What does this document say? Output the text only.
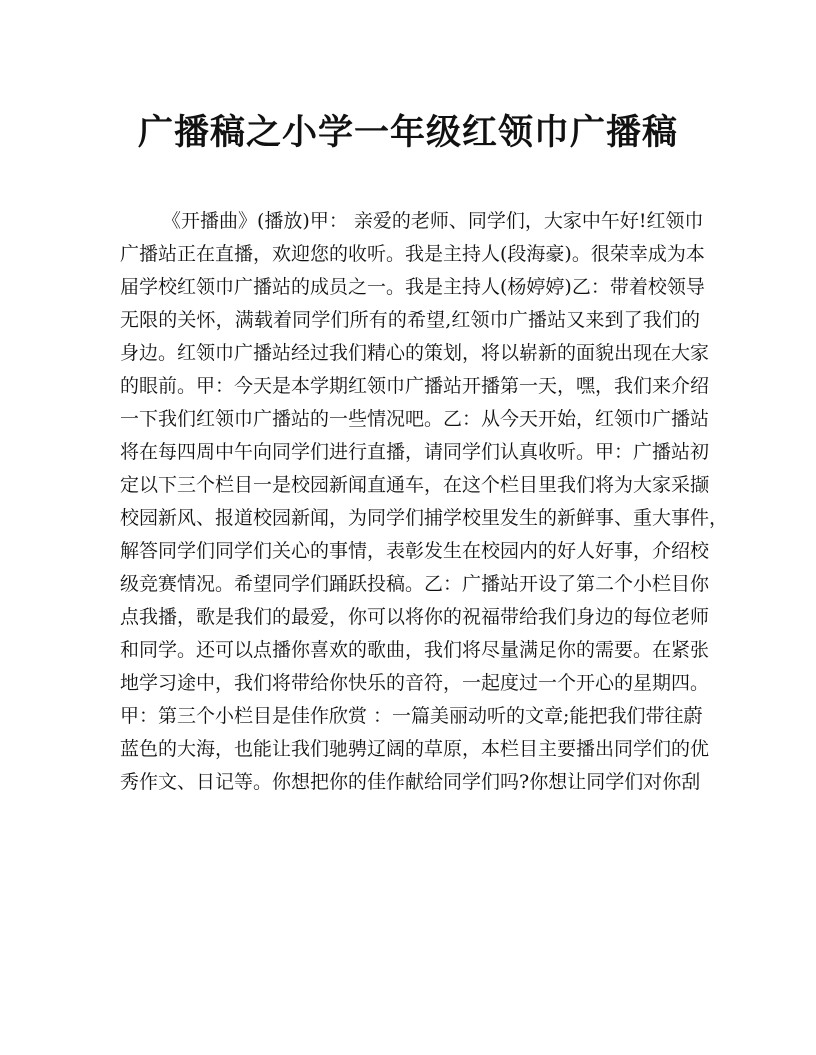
广播稿之小学一年级红领巾广播稿
《开播曲》(播放)甲： 亲爱的老师、同学们，大家中午好!红领巾
广播站正在直播，欢迎您的收听。我是主持人(段海豪)。很荣幸成为本
届学校红领巾广播站的成员之一。我是主持人(杨婷婷)乙：带着校领导
无限的关怀，满载着同学们所有的希望,红领巾广播站又来到了我们的
身边。红领巾广播站经过我们精心的策划，将以崭新的面貌出现在大家
的眼前。甲：今天是本学期红领巾广播站开播第一天，嘿，我们来介绍
一下我们红领巾广播站的一些情况吧。乙：从今天开始，红领巾广播站
将在每四周中午向同学们进行直播，请同学们认真收听。甲：广播站初
定以下三个栏目一是校园新闻直通车，在这个栏目里我们将为大家采撷
校园新风、报道校园新闻，为同学们捕学校里发生的新鲜事、重大事件，
解答同学们同学们关心的事情，表彰发生在校园内的好人好事，介绍校
级竞赛情况。希望同学们踊跃投稿。乙：广播站开设了第二个小栏目你
点我播，歌是我们的最爱，你可以将你的祝福带给我们身边的每位老师
和同学。还可以点播你喜欢的歌曲，我们将尽量满足你的需要。在紧张
地学习途中，我们将带给你快乐的音符，一起度过一个开心的星期四。
甲：第三个小栏目是佳作欣赏 ：一篇美丽动听的文章;能把我们带往蔚
蓝色的大海，也能让我们驰骋辽阔的草原，本栏目主要播出同学们的优
秀作文、日记等。你想把你的佳作献给同学们吗?你想让同学们对你刮
